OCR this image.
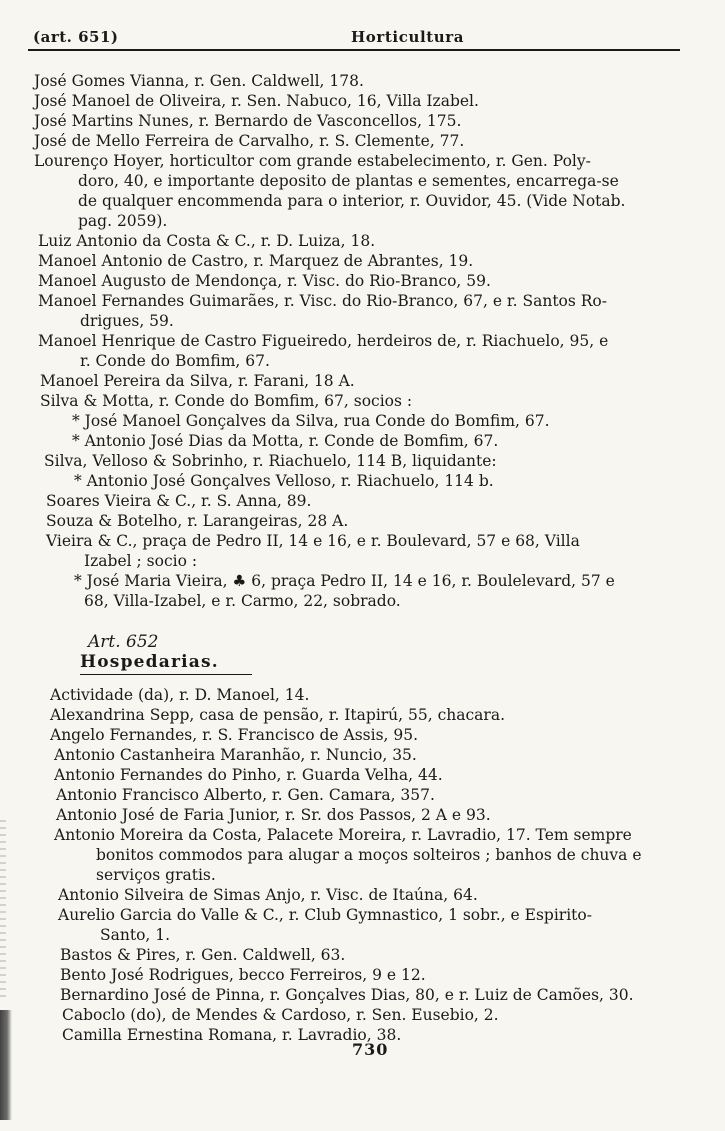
(art. 651)	Horticultura
José Gomes Vianna, r. Gen. Caldwell, 178.
José Manoel de Oliveira, r. Sen. Nabuco, 16, Villa Izabel.
José Martins Nunes, r. Bernardo de Vasconcellos, 175.
José de Mello Ferreira de Carvalho, r. S. Clemente, 77.
Lourenço Hoyer, horticultor com grande estabelecimento, r. Gen. Poly-
doro, 40, e importante deposito de plantas e sementes, encarrega-se
de qualquer encommenda para o interior, r. Ouvidor, 45. (Vide Notab.
pag. 2059).
Luiz Antonio da Costa & C., r. D. Luiza, 18.
Manoel Antonio de Castro, r. Marquez de Abrantes, 19.
Manoel Augusto de Mendonça, r. Visc. do Rio-Branco, 59.
Manoel Fernandes Guimarães, r. Visc. do Rio-Branco, 67, e r. Santos Ro-
drigues, 59.
Manoel Henrique de Castro Figueiredo, herdeiros de, r. Riachuelo, 95, e
r. Conde do Bomfim, 67.
Manoel Pereira da Silva, r. Farani, 18 A.
Silva & Motta, r. Conde do Bomfim, 67, socios :
* José Manoel Gonçalves da Silva, rua Conde do Bomfim, 67.
* Antonio José Dias da Motta, r. Conde de Bomfim, 67.
Silva, Velloso & Sobrinho, r. Riachuelo, 114 B, liquidante:
* Antonio José Gonçalves Velloso, r. Riachuelo, 114 b.
Soares Vieira & C., r. S. Anna, 89.
Souza & Botelho, r. Larangeiras, 28 A.
Vieira & C., praça de Pedro II, 14 e 16, e r. Boulevard, 57 e 68, Villa
Izabel ; socio :
* José Maria Vieira, ♣ 6, praça Pedro II, 14 e 16, r. Boulelevard, 57 e
68, Villa-Izabel, e r. Carmo, 22, sobrado.
Art. 652
Hospedarias.
Actividade (da), r. D. Manoel, 14.
Alexandrina Sepp, casa de pensão, r. Itapirú, 55, chacara.
Angelo Fernandes, r. S. Francisco de Assis, 95.
Antonio Castanheira Maranhão, r. Nuncio, 35.
Antonio Fernandes do Pinho, r. Guarda Velha, 44.
Antonio Francisco Alberto, r. Gen. Camara, 357.
Antonio José de Faria Junior, r. Sr. dos Passos, 2 A e 93.
Antonio Moreira da Costa, Palacete Moreira, r. Lavradio, 17. Tem sempre
bonitos commodos para alugar a moços solteiros ; banhos de chuva e
serviços gratis.
Antonio Silveira de Simas Anjo, r. Visc. de Itaúna, 64.
Aurelio Garcia do Valle & C., r. Club Gymnastico, 1 sobr., e Espirito-
Santo, 1.
Bastos & Pires, r. Gen. Caldwell, 63.
Bento José Rodrigues, becco Ferreiros, 9 e 12.
Bernardino José de Pinna, r. Gonçalves Dias, 80, e r. Luiz de Camões, 30.
Caboclo (do), de Mendes & Cardoso, r. Sen. Eusebio, 2.
Camilla Ernestina Romana, r. Lavradio, 38.
730
